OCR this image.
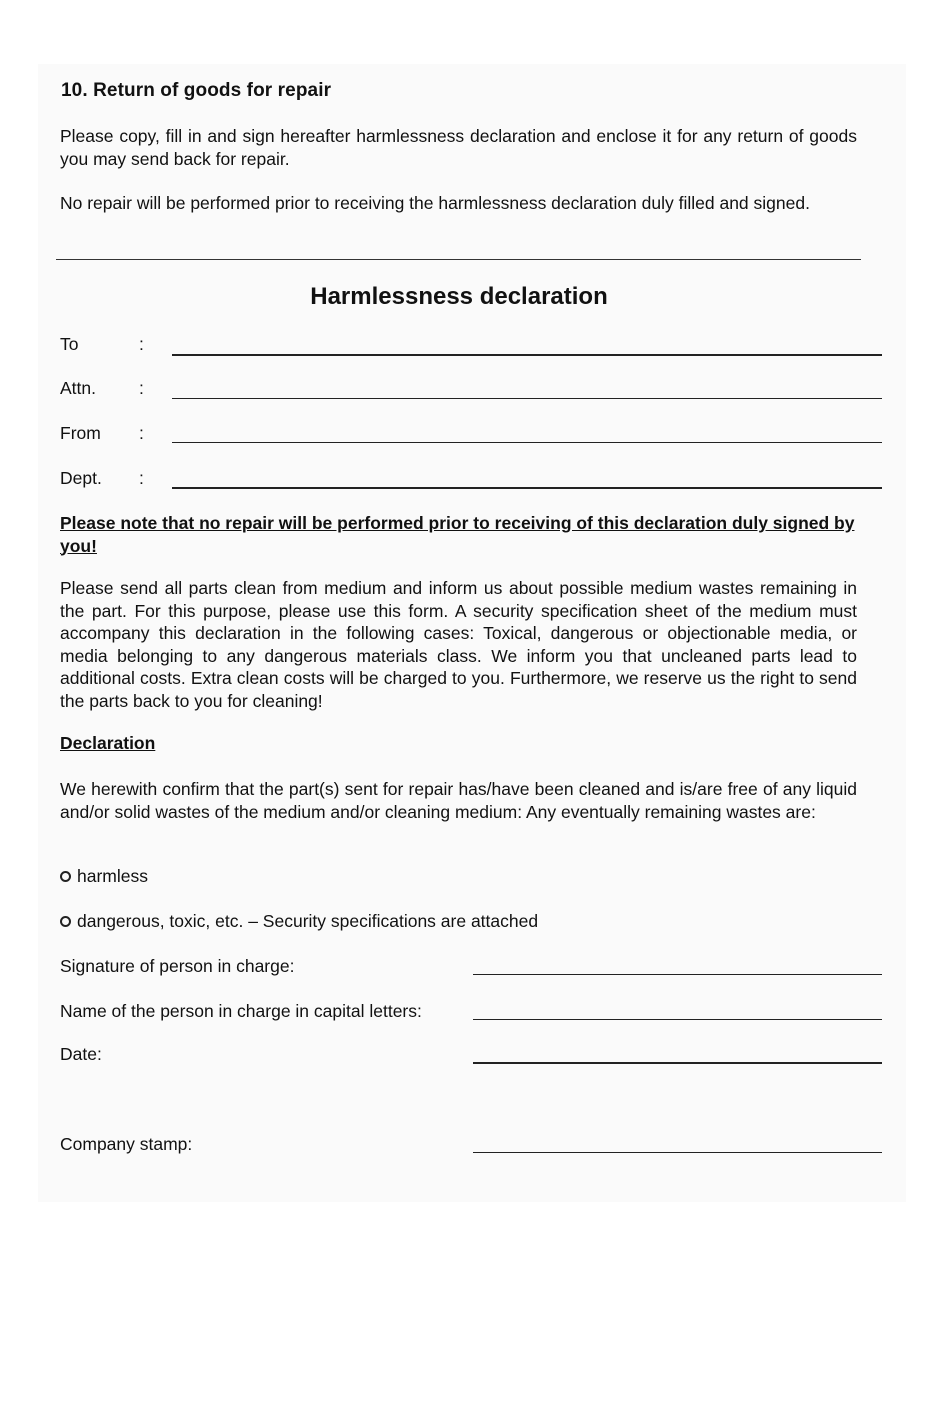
10. Return of goods for repair
Please copy, fill in and sign hereafter harmlessness declaration and enclose it for any return of goods you may send back for repair.
No repair will be performed prior to receiving the harmlessness declaration duly filled and signed.
Harmlessness declaration
To	:
Attn. :
From :
Dept. :
Please note that no repair will be performed prior to receiving of this declaration duly signed by you!
Please send all parts clean from medium and inform us about possible medium wastes remaining in the part. For this purpose, please use this form. A security specification sheet of the medium must accompany this declaration in the following cases: Toxical, dangerous or objectionable media, or media belonging to any dangerous materials class. We inform you that uncleaned parts lead to additional costs. Extra clean costs will be charged to you. Furthermore, we reserve us the right to send the parts back to you for cleaning!
Declaration
We herewith confirm that the part(s) sent for repair has/have been cleaned and is/are free of any liquid and/or solid wastes of the medium and/or cleaning medium: Any eventually remaining wastes are:
harmless
dangerous, toxic, etc. – Security specifications are attached
Signature of person in charge:
Name of the person in charge in capital letters:
Date:
Company stamp:
